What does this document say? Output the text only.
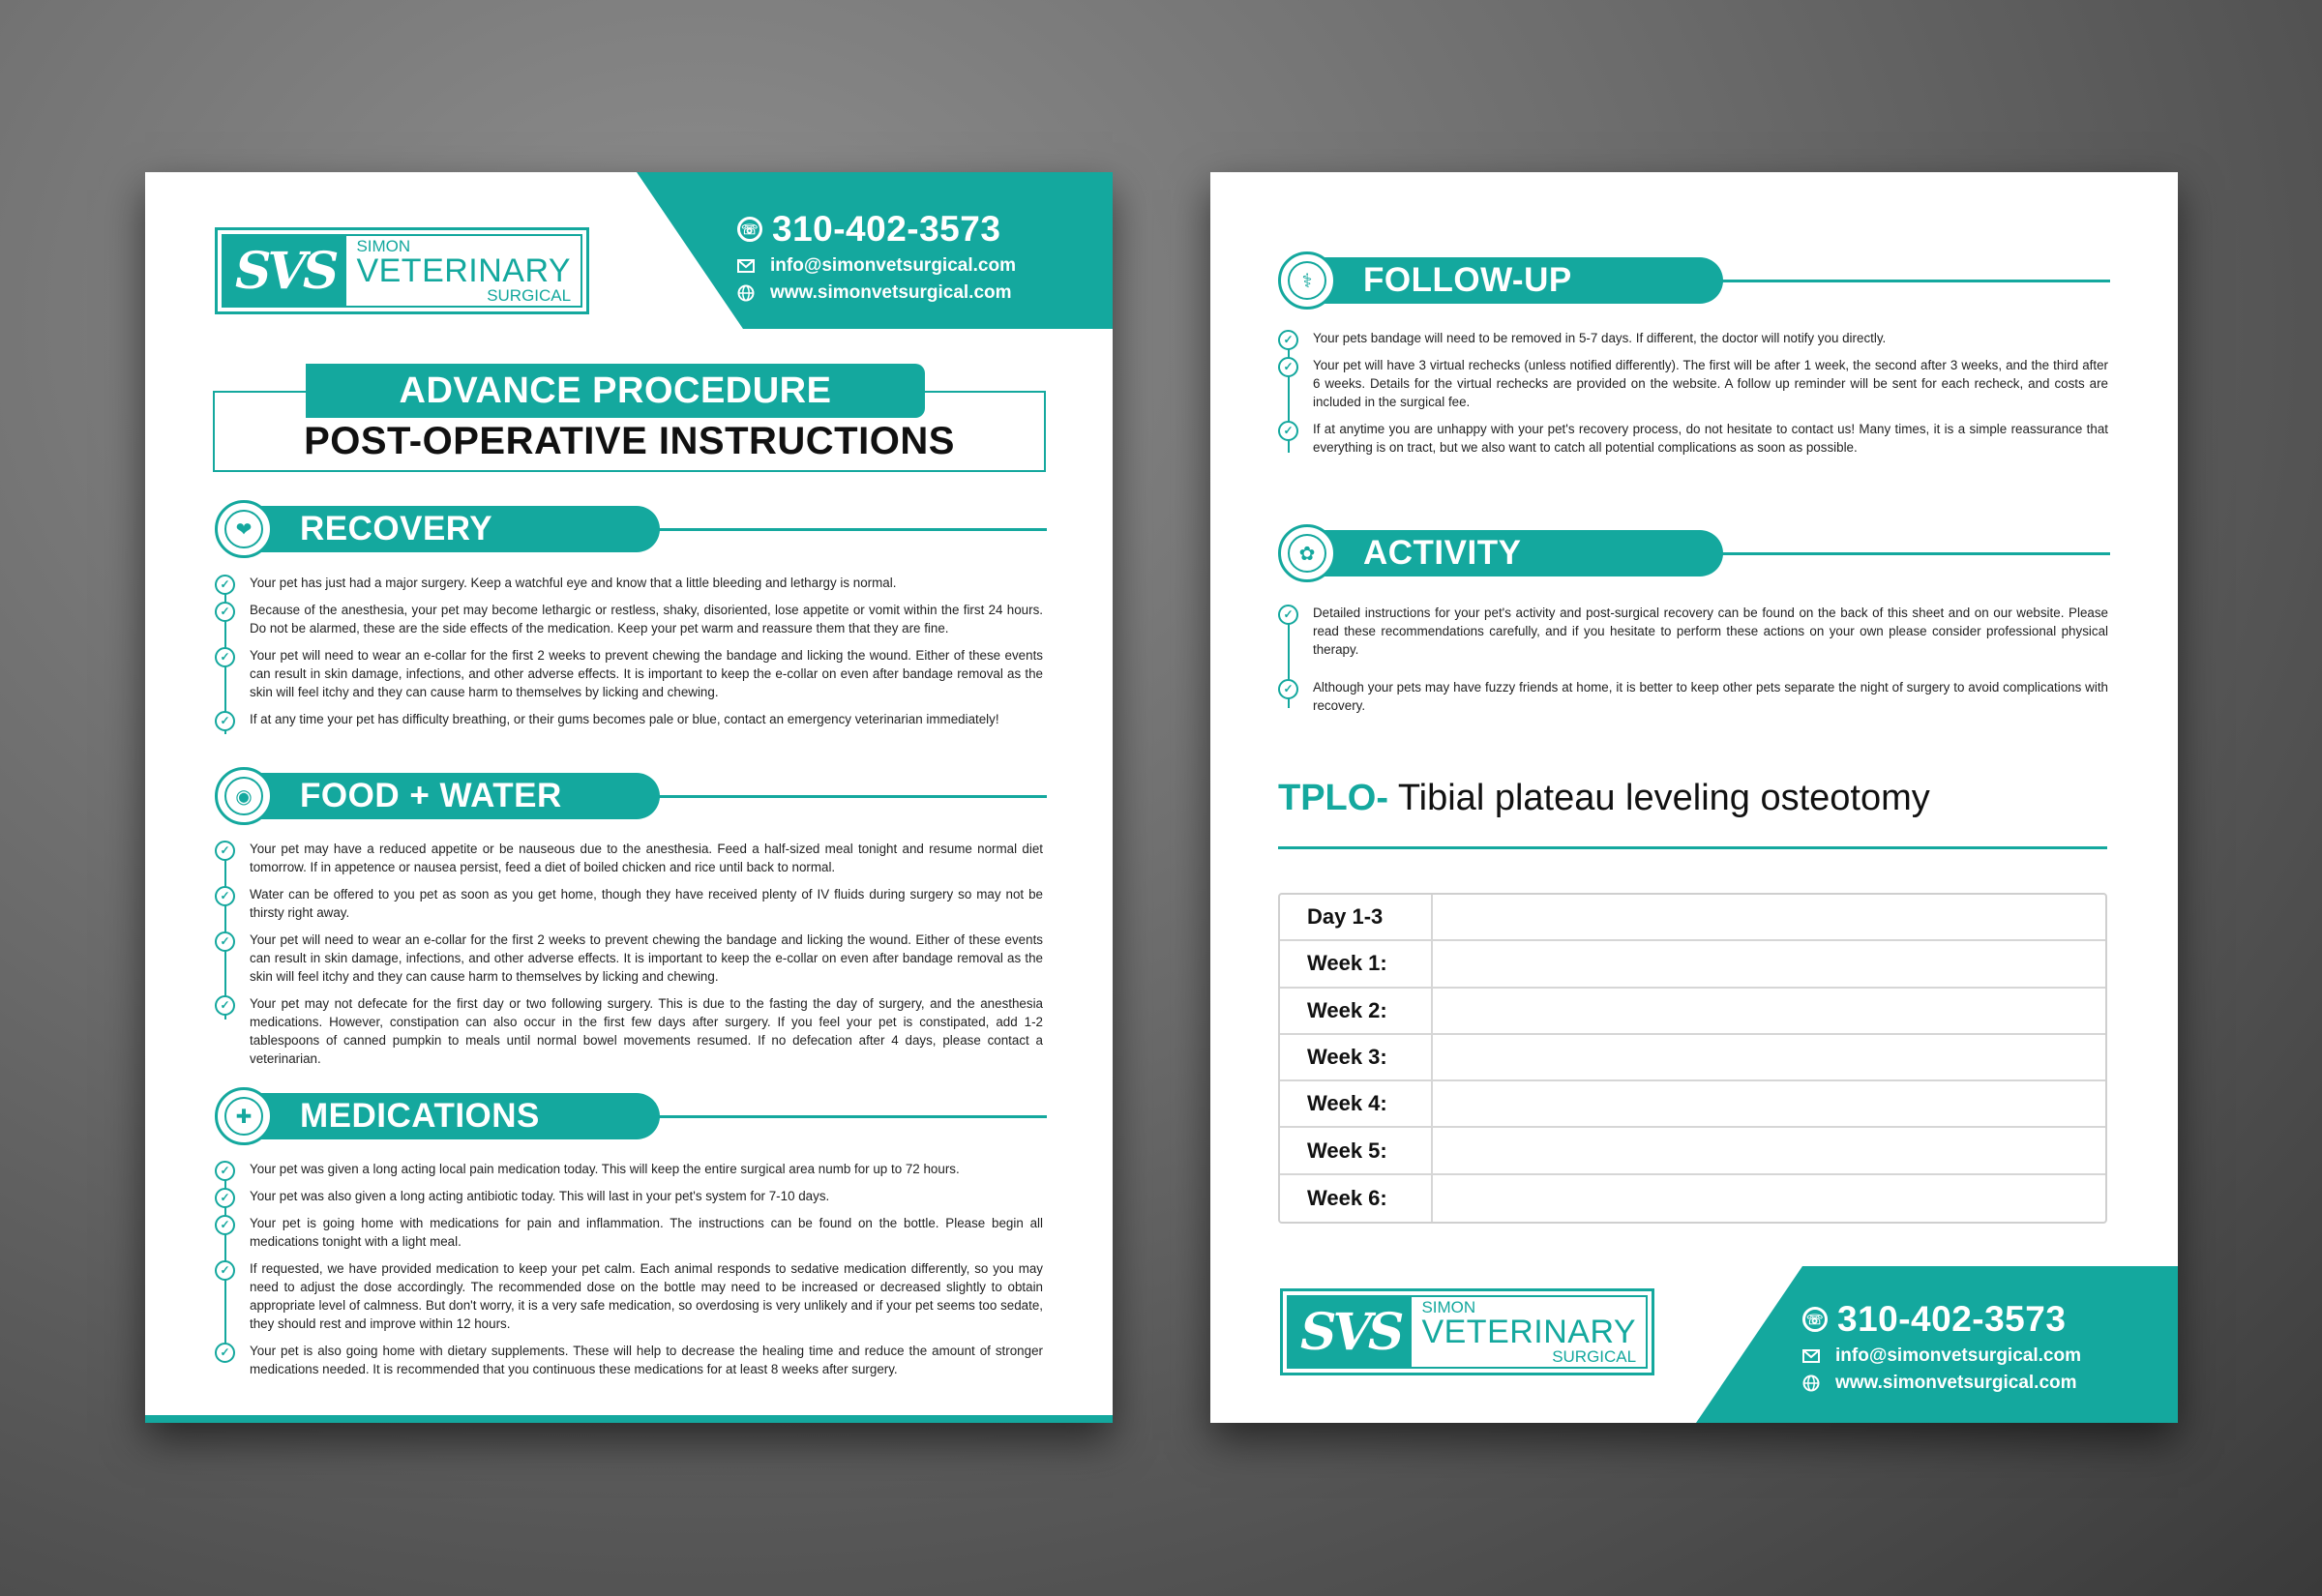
SVS	SIMON
VETERINARY
SURGICAL
☏ 310-402-3573
info@simonvetsurgical.com
www.simonvetsurgical.com
ADVANCE PROCEDURE
POST-OPERATIVE INSTRUCTIONS
RECOVERY
❤
✓	Your pet has just had a major surgery. Keep a watchful eye and know that a little bleeding and lethargy is normal.
✓	Because of the anesthesia, your pet may become lethargic or restless, shaky, disoriented, lose appetite or vomit within the first 24 hours. Do not be alarmed, these are the side effects of the medication. Keep your pet warm and reassure them that they are fine.
✓	Your pet will need to wear an e-collar for the first 2 weeks to prevent chewing the bandage and licking the wound. Either of these events can result in skin damage, infections, and other adverse effects. It is important to keep the e-collar on even after bandage removal as the skin will feel itchy and they can cause harm to themselves by licking and chewing.
✓	If at any time your pet has difficulty breathing, or their gums becomes pale or blue, contact an emergency veterinarian immediately!
FOOD + WATER
◉
✓	Your pet may have a reduced appetite or be nauseous due to the anesthesia. Feed a half-sized meal tonight and resume normal diet tomorrow. If in appetence or nausea persist, feed a diet of boiled chicken and rice until back to normal.
✓	Water can be offered to you pet as soon as you get home, though they have received plenty of IV fluids during surgery so may not be thirsty right away.
✓	Your pet will need to wear an e-collar for the first 2 weeks to prevent chewing the bandage and licking the wound. Either of these events can result in skin damage, infections, and other adverse effects. It is important to keep the e-collar on even after bandage removal as the skin will feel itchy and they can cause harm to themselves by licking and chewing.
✓	Your pet may not defecate for the first day or two following surgery. This is due to the fasting the day of surgery, and the anesthesia medications. However, constipation can also occur in the first few days after surgery. If you feel your pet is constipated, add 1-2 tablespoons of canned pumpkin to meals until normal bowel movements resumed. If no defecation after 4 days, please contact a veterinarian.
MEDICATIONS
✚
✓	Your pet was given a long acting local pain medication today. This will keep the entire surgical area numb for up to 72 hours.
✓	Your pet was also given a long acting antibiotic today. This will last in your pet's system for 7-10 days.
✓	Your pet is going home with medications for pain and inflammation. The instructions can be found on the bottle. Please begin all medications tonight with a light meal.
✓	If requested, we have provided medication to keep your pet calm. Each animal responds to sedative medication differently, so you may need to adjust the dose accordingly. The recommended dose on the bottle may need to be increased or decreased slightly to obtain appropriate level of calmness. But don't worry, it is a very safe medication, so overdosing is very unlikely and if your pet seems too sedate, they should rest and improve within 12 hours.
✓	Your pet is also going home with dietary supplements. These will help to decrease the healing time and reduce the amount of stronger medications needed. It is recommended that you continuous these medications for at least 8 weeks after surgery.
FOLLOW-UP
⚕
✓	Your pets bandage will need to be removed in 5-7 days. If different, the doctor will notify you directly.
✓	Your pet will have 3 virtual rechecks (unless notified differently). The first will be after 1 week, the second after 3 weeks, and the third after 6 weeks. Details for the virtual rechecks are provided on the website. A follow up reminder will be sent for each recheck, and costs are included in the surgical fee.
✓	If at anytime you are unhappy with your pet's recovery process, do not hesitate to contact us! Many times, it is a simple reassurance that everything is on tract, but we also want to catch all potential complications as soon as possible.
ACTIVITY
✿
✓	Detailed instructions for your pet's activity and post-surgical recovery can be found on the back of this sheet and on our website. Please read these recommendations carefully, and if you hesitate to perform these actions on your own please consider professional physical therapy.
✓	Although your pets may have fuzzy friends at home, it is better to keep other pets separate the night of surgery to avoid complications with recovery.
TPLO- Tibial plateau leveling osteotomy
Day 1-3
Week 1:
Week 2:
Week 3:
Week 4:
Week 5:
Week 6:
SVS	SIMON
VETERINARY
SURGICAL
☏ 310-402-3573
info@simonvetsurgical.com
www.simonvetsurgical.com
